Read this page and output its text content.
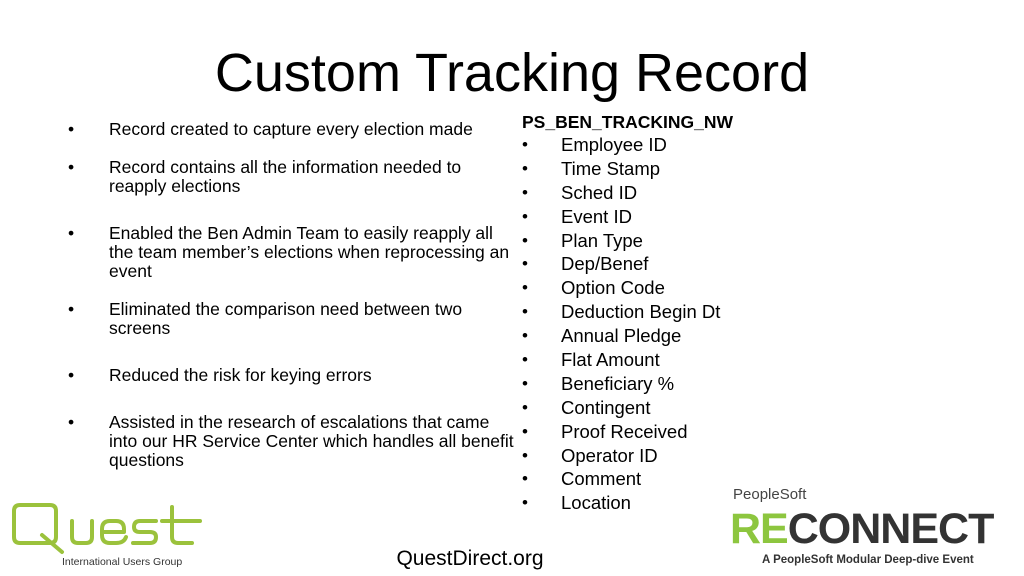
Custom Tracking Record
• Record created to capture every election made
• Record contains all the information needed to reapply elections
• Enabled the Ben Admin Team to easily reapply all the team member’s elections when reprocessing an event
• Eliminated the comparison need between two screens
• Reduced the risk for keying errors
• Assisted in the research of escalations that came into our HR Service Center which handles all benefit questions

PS_BEN_TRACKING_NW

• Employee ID
• Time Stamp
• Sched ID
• Event ID
• Plan Type
• Dep/Benef
• Option Code
• Deduction Begin Dt
• Annual Pledge
• Flat Amount
• Beneficiary %
• Contingent
• Proof Received
• Operator ID
• Comment
• Location
International Users Group	QuestDirect.org
PeopleSoft
RECONNECT
A PeopleSoft Modular Deep-dive Event
